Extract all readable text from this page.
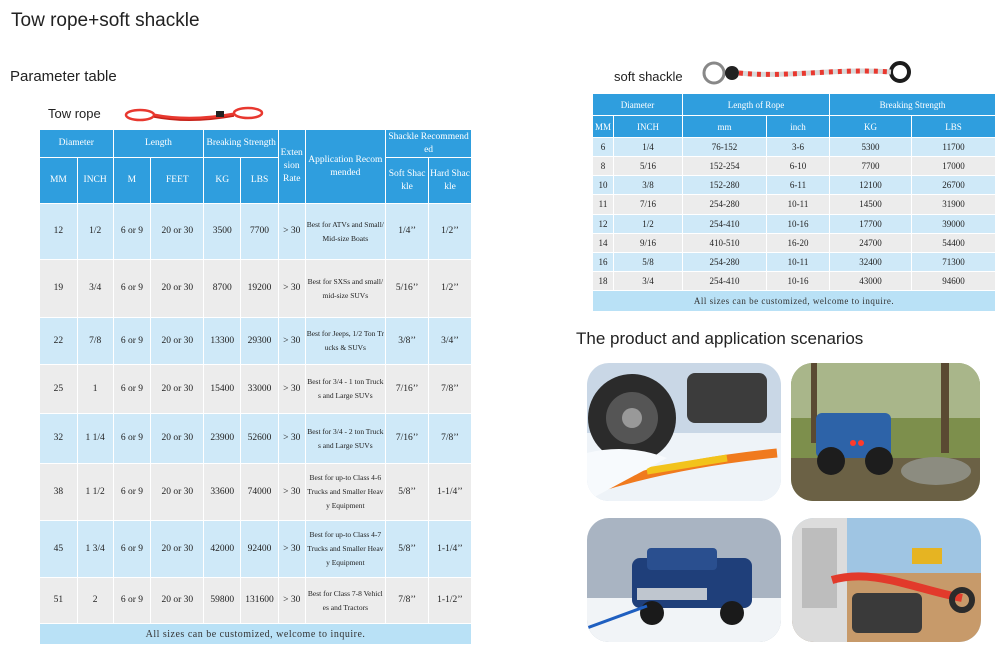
Tow rope+soft shackle
Parameter table
Tow rope
Diameter		Length		Breaking Strength		Extension Rate	Application Recommended	Shackle Recommended	
MM	INCH	M	FEET	KG	LBS			Soft Shackle	Hard Shackle
12	1/2	6 or 9	20 or 30	3500	7700	> 30	Best for ATVs and Small/Mid-size Boats	1/4’’	1/2’’
19	3/4	6 or 9	20 or 30	8700	19200	> 30	Best for SXSs and small/mid-size SUVs	5/16’’	1/2’’
22	7/8	6 or 9	20 or 30	13300	29300	> 30	Best for Jeeps, 1/2 Ton Trucks & SUVs	3/8’’	3/4’’
25	1	6 or 9	20 or 30	15400	33000	> 30	Best for 3/4 - 1 ton Trucks and Large SUVs	7/16’’	7/8’’
32	1 1/4	6 or 9	20 or 30	23900	52600	> 30	Best for 3/4 - 2 ton Trucks and Large SUVs	7/16’’	7/8’’
38	1 1/2	6 or 9	20 or 30	33600	74000	> 30	Best for up-to Class 4-6 Trucks and Smaller Heavy Equipment	5/8’’	1-1/4’’
45	1 3/4	6 or 9	20 or 30	42000	92400	> 30	Best for up-to Class 4-7 Trucks and Smaller Heavy Equipment	5/8’’	1-1/4’’
51	2	6 or 9	20 or 30	59800	131600	> 30	Best for Class 7-8 Vehicles and Tractors	7/8’’	1-1/2’’
All sizes can be customized, welcome to inquire.									
soft shackle
Diameter		Length of Rope		Breaking Strength	
MM	INCH	mm	inch	KG	LBS
6	1/4	76-152	3-6	5300	11700
8	5/16	152-254	6-10	7700	17000
10	3/8	152-280	6-11	12100	26700
11	7/16	254-280	10-11	14500	31900
12	1/2	254-410	10-16	17700	39000
14	9/16	410-510	16-20	24700	54400
16	5/8	254-280	10-11	32400	71300
18	3/4	254-410	10-16	43000	94600
All sizes can be customized, welcome to inquire.					
The product and application scenarios
